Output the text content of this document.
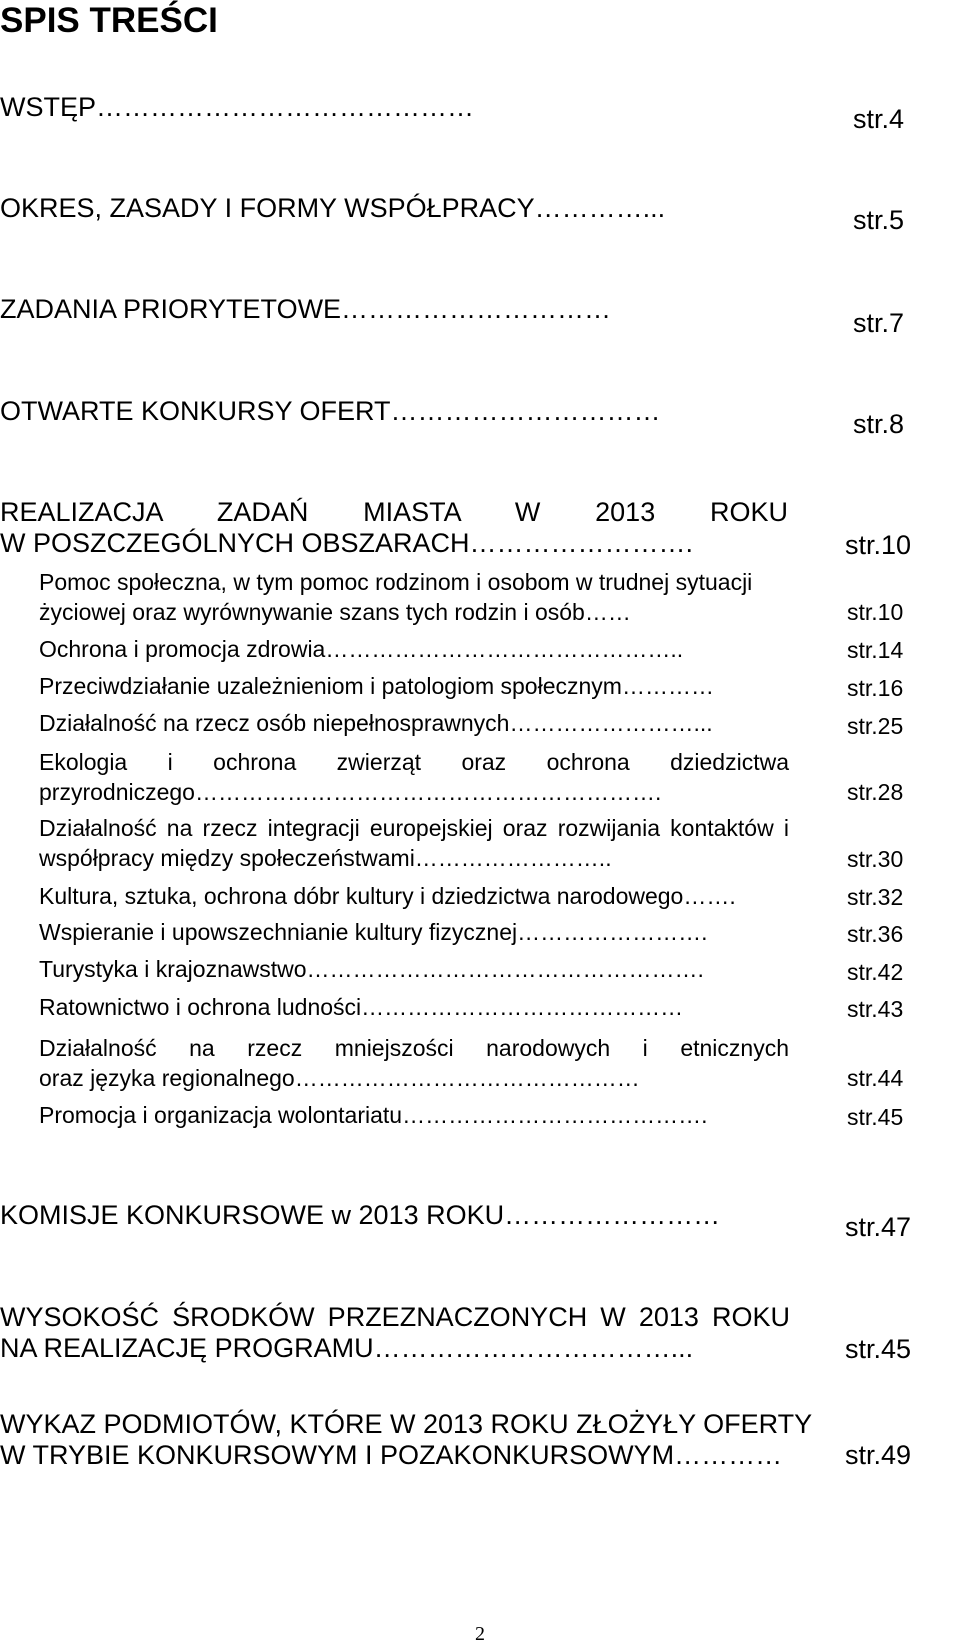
SPIS TREŚCI
WSTĘP……………………………………	str.4
OKRES, ZASADY I FORMY WSPÓŁPRACY…………...	str.5
ZADANIA PRIORYTETOWE…………………………	str.7
OTWARTE KONKURSY OFERT…………………………	str.8
REALIZACJA ZADAŃ MIASTA W 2013 ROKU
W POSZCZEGÓLNYCH OBSZARACH…………………….	str.10
Pomoc społeczna, w tym pomoc rodzinom i osobom w trudnej sytuacji
życiowej oraz wyrównywanie szans tych rodzin i osób……	str.10
Ochrona i promocja zdrowia………………………………………..	str.14
Przeciwdziałanie uzależnieniom i patologiom społecznym…………	str.16
Działalność na rzecz osób niepełnosprawnych……………………...	str.25
Ekologia i ochrona zwierząt oraz ochrona dziedzictwa
przyrodniczego…………………………………………………….	str.28
Działalność na rzecz integracji europejskiej oraz rozwijania kontaktów i
współpracy między społeczeństwami……………………..	str.30
Kultura, sztuka, ochrona dóbr kultury i dziedzictwa narodowego…….	str.32
Wspieranie i upowszechnianie kultury fizycznej…………………….	str.36
Turystyka i krajoznawstwo…………………………………………….	str.42
Ratownictwo i ochrona ludności……………………………………	str.43
Działalność na rzecz mniejszości narodowych i etnicznych
oraz języka regionalnego………………………………………	str.44
Promocja i organizacja wolontariatu………………………………….	str.45
KOMISJE KONKURSOWE w 2013 ROKU……………………	str.47
WYSOKOŚĆ ŚRODKÓW PRZEZNACZONYCH W 2013 ROKU
NA REALIZACJĘ PROGRAMU……………………………...	str.45
WYKAZ PODMIOTÓW, KTÓRE W 2013 ROKU ZŁOŻYŁY OFERTY
W TRYBIE KONKURSOWYM I POZAKONKURSOWYM…………	str.49
2
